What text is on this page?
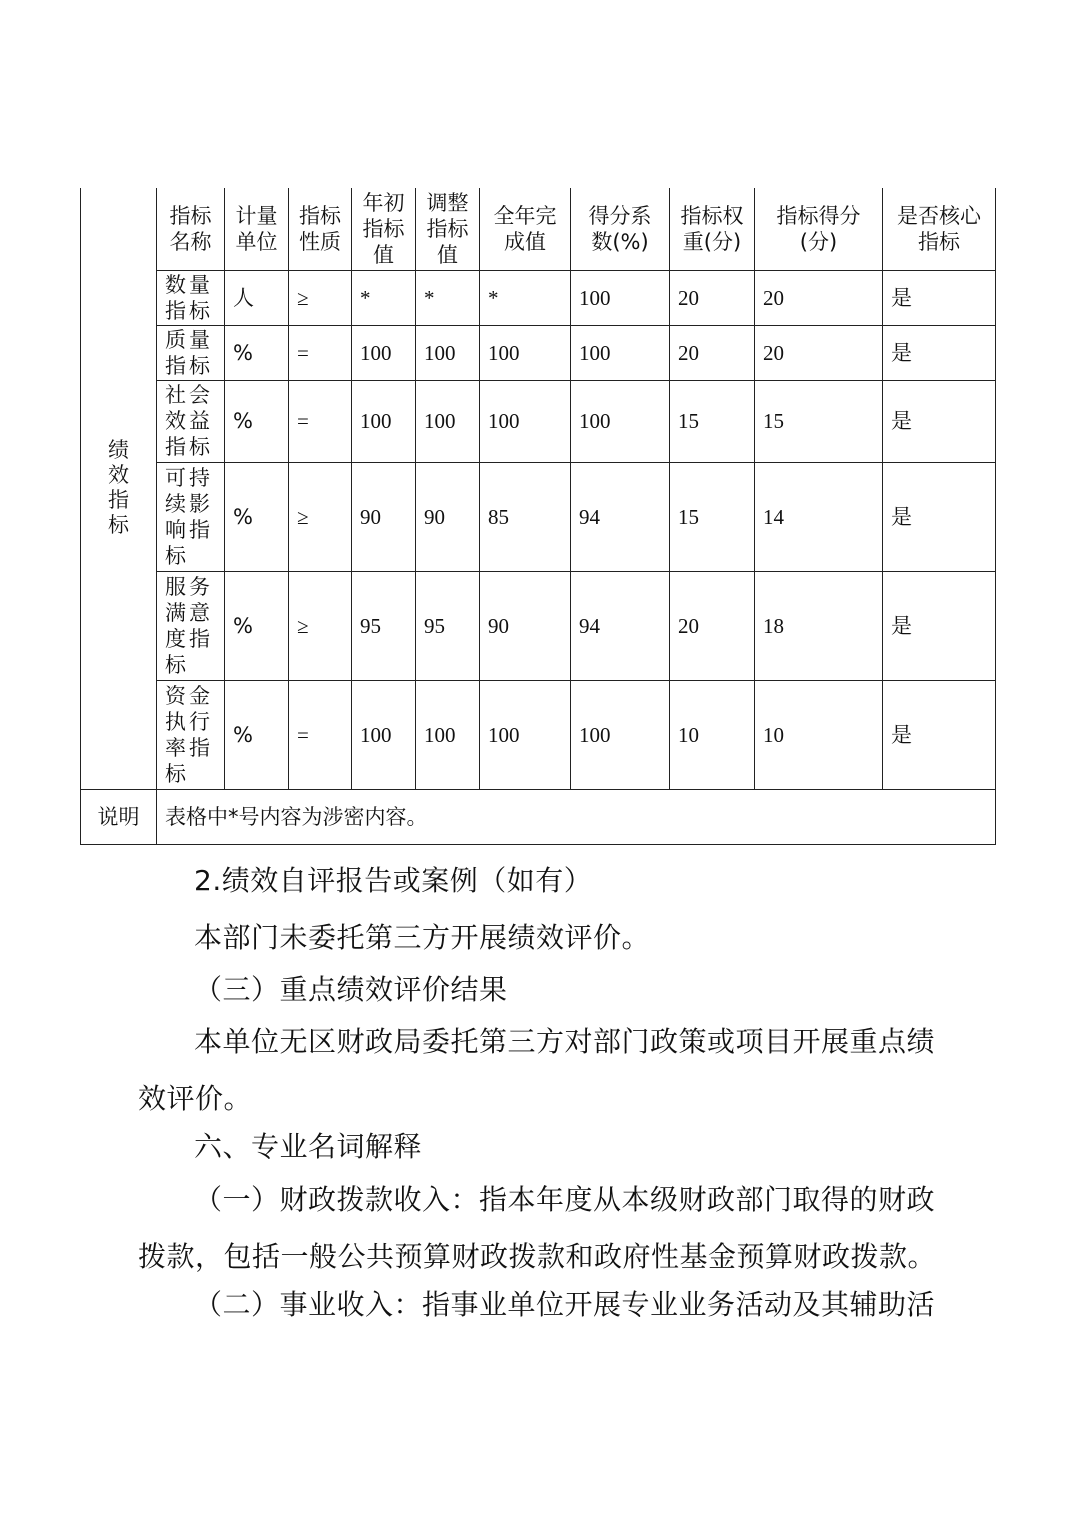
绩效指标	指标名称	计量单位	指标性质	年初指标值	调整指标值	全年完成值	得分系数(%)	指标权重(分)	指标得分(分)	是否核心指标
	数量指标	人	≥	*	*	*	100	20	20	是
	质量指标	%	=	100	100	100	100	20	20	是
	社会效益指标	%	=	100	100	100	100	15	15	是
	可持续影响指标	%	≥	90	90	85	94	15	14	是
	服务满意度指标	%	≥	95	95	90	94	20	18	是
	资金执行率指标	%	=	100	100	100	100	10	10	是
说明	表格中*号内容为涉密内容。									

2.绩效自评报告或案例（如有）

本部门未委托第三方开展绩效评价。

（三）重点绩效评价结果

本单位无区财政局委托第三方对部门政策或项目开展重点绩效评价。

六、专业名词解释

（一）财政拨款收入：指本年度从本级财政部门取得的财政拨款，包括一般公共预算财政拨款和政府性基金预算财政拨款。

（二）事业收入：指事业单位开展专业业务活动及其辅助活
